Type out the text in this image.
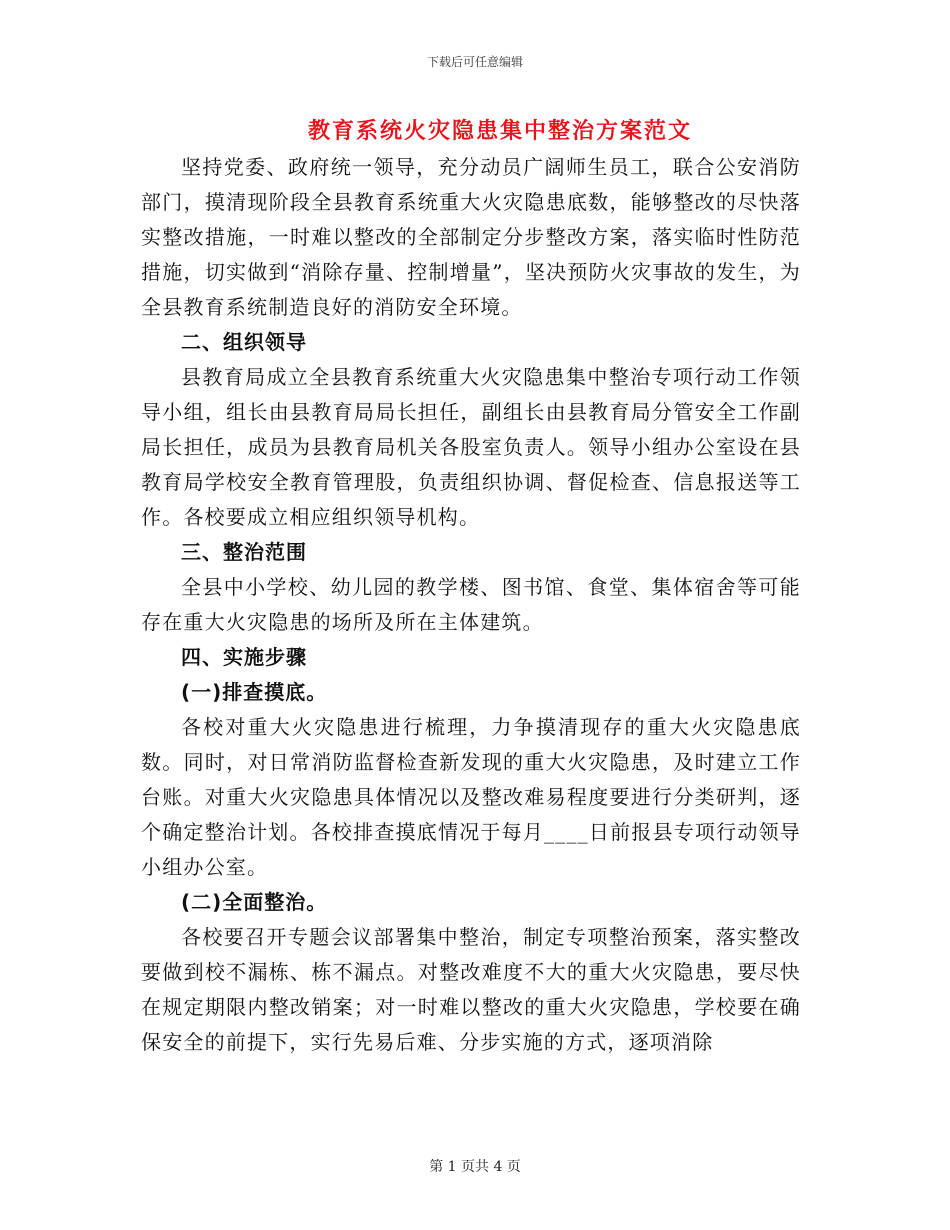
下载后可任意编辑
教育系统火灾隐患集中整治方案范文

坚持党委、政府统一领导，充分动员广阔师生员工，联合公安消防部门，摸清现阶段全县教育系统重大火灾隐患底数，能够整改的尽快落实整改措施，一时难以整改的全部制定分步整改方案，落实临时性防范措施，切实做到“消除存量、控制增量”，坚决预防火灾事故的发生，为全县教育系统制造良好的消防安全环境。

二、组织领导

县教育局成立全县教育系统重大火灾隐患集中整治专项行动工作领导小组，组长由县教育局局长担任，副组长由县教育局分管安全工作副局长担任，成员为县教育局机关各股室负责人。领导小组办公室设在县教育局学校安全教育管理股，负责组织协调、督促检查、信息报送等工作。各校要成立相应组织领导机构。

三、整治范围

全县中小学校、幼儿园的教学楼、图书馆、食堂、集体宿舍等可能存在重大火灾隐患的场所及所在主体建筑。

四、实施步骤

(一)排查摸底。

各校对重大火灾隐患进行梳理，力争摸清现存的重大火灾隐患底数。同时，对日常消防监督检查新发现的重大火灾隐患，及时建立工作台账。对重大火灾隐患具体情况以及整改难易程度要进行分类研判，逐个确定整治计划。各校排查摸底情况于每月____日前报县专项行动领导小组办公室。

(二)全面整治。

各校要召开专题会议部署集中整治，制定专项整治预案，落实整改要做到校不漏栋、栋不漏点。对整改难度不大的重大火灾隐患，要尽快在规定期限内整改销案；对一时难以整改的重大火灾隐患，学校要在确保安全的前提下，实行先易后难、分步实施的方式，逐项消除

第 1 页共 4 页
